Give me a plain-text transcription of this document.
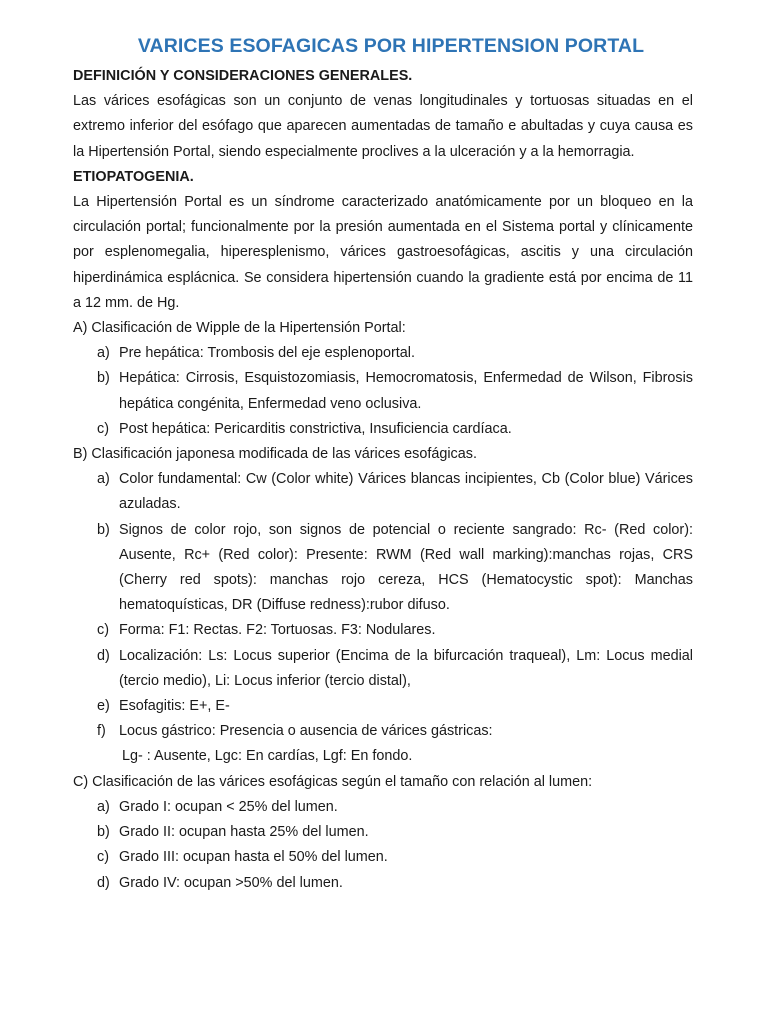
VARICES ESOFAGICAS POR HIPERTENSION PORTAL
DEFINICIÓN Y CONSIDERACIONES GENERALES.

Las várices esofágicas son un conjunto de venas longitudinales y tortuosas situadas en el extremo inferior del esófago que aparecen aumentadas de tamaño e abultadas y cuya causa es la Hipertensión Portal, siendo especialmente proclives a la ulceración y a la hemorragia.

ETIOPATOGENIA.

La Hipertensión Portal es un síndrome caracterizado anatómicamente por un bloqueo en la circulación portal; funcionalmente por la presión aumentada en el Sistema portal y clínicamente por esplenomegalia, hiperesplenismo, várices gastroesofágicas, ascitis y una circulación hiperdinámica esplácnica. Se considera hipertensión cuando la gradiente está por encima de 11 a 12 mm. de Hg.

A) Clasificación de Wipple de la Hipertensión Portal:

a) Pre hepática: Trombosis del eje esplenoportal.
b) Hepática: Cirrosis, Esquistozomiasis, Hemocromatosis, Enfermedad de Wilson, Fibrosis hepática congénita, Enfermedad veno oclusiva.
c) Post hepática: Pericarditis constrictiva, Insuficiencia cardíaca.

B) Clasificación japonesa modificada de las várices esofágicas.

a) Color fundamental: Cw (Color white) Várices blancas incipientes, Cb (Color blue) Várices azuladas.
b) Signos de color rojo, son signos de potencial o reciente sangrado: Rc- (Red color): Ausente, Rc+ (Red color): Presente: RWM (Red wall marking):manchas rojas, CRS (Cherry red spots): manchas rojo cereza, HCS (Hematocystic spot): Manchas hematoquísticas, DR (Diffuse redness):rubor difuso.
c) Forma: F1: Rectas. F2: Tortuosas. F3: Nodulares.
d) Localización: Ls: Locus superior (Encima de la bifurcación traqueal), Lm: Locus medial (tercio medio), Li: Locus inferior (tercio distal),
e) Esofagitis: E+, E-
f) Locus gástrico: Presencia o ausencia de várices gástricas:
Lg- : Ausente, Lgc: En cardías, Lgf: En fondo.

C) Clasificación de las várices esofágicas según el tamaño con relación al lumen:

a) Grado I: ocupan < 25% del lumen.
b) Grado II: ocupan hasta 25% del lumen.
c) Grado III: ocupan hasta el 50% del lumen.
d) Grado IV: ocupan >50% del lumen.
